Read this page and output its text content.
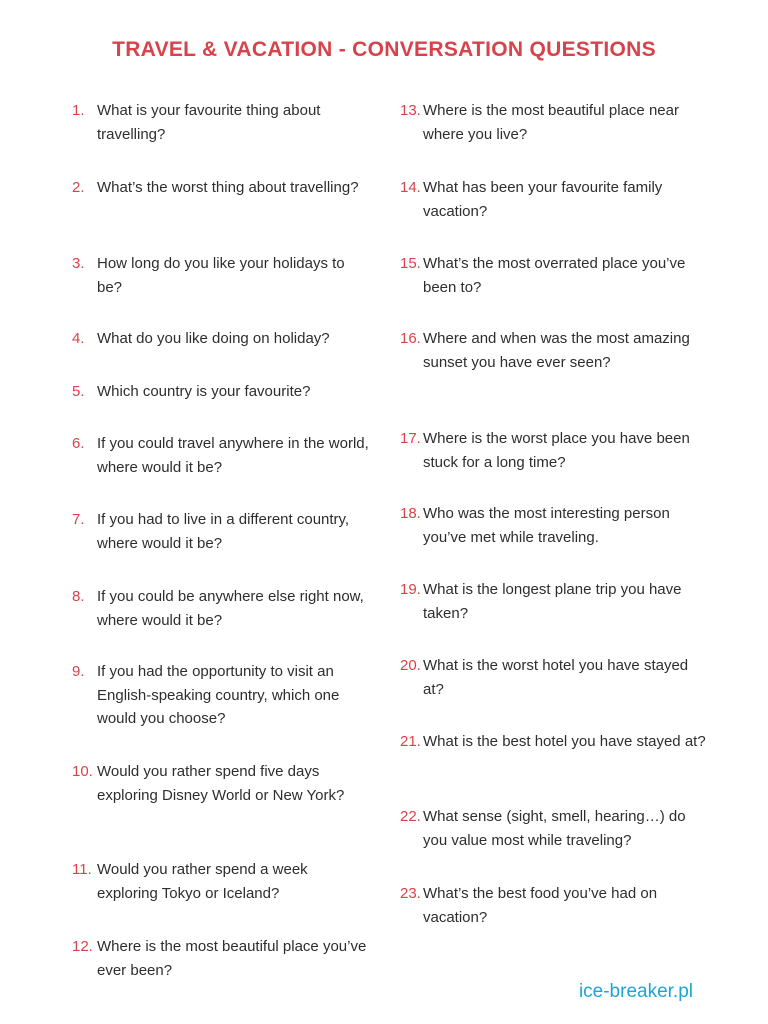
TRAVEL & VACATION - CONVERSATION QUESTIONS
1. What is your favourite thing about travelling?
2. What’s the worst thing about travelling?
3. How long do you like your holidays to be?
4. What do you like doing on holiday?
5. Which country is your favourite?
6. If you could travel anywhere in the world, where would it be?
7. If you had to live in a different country, where would it be?
8. If you could be anywhere else right now, where would it be?
9. If you had the opportunity to visit an English-speaking country, which one would you choose?
10. Would you rather spend five days exploring Disney World or New York?
11. Would you rather spend a week exploring Tokyo or Iceland?
12. Where is the most beautiful place you’ve ever been?
13. Where is the most beautiful place near where you live?
14. What has been your favourite family vacation?
15. What’s the most overrated place you’ve been to?
16. Where and when was the most amazing sunset you have ever seen?
17. Where is the worst place you have been stuck for a long time?
18. Who was the most interesting person you’ve met while traveling.
19. What is the longest plane trip you have taken?
20. What is the worst hotel you have stayed at?
21. What is the best hotel you have stayed at?
22. What sense (sight, smell, hearing…) do you value most while traveling?
23. What’s the best food you’ve had on vacation?
ice-breaker.pl
